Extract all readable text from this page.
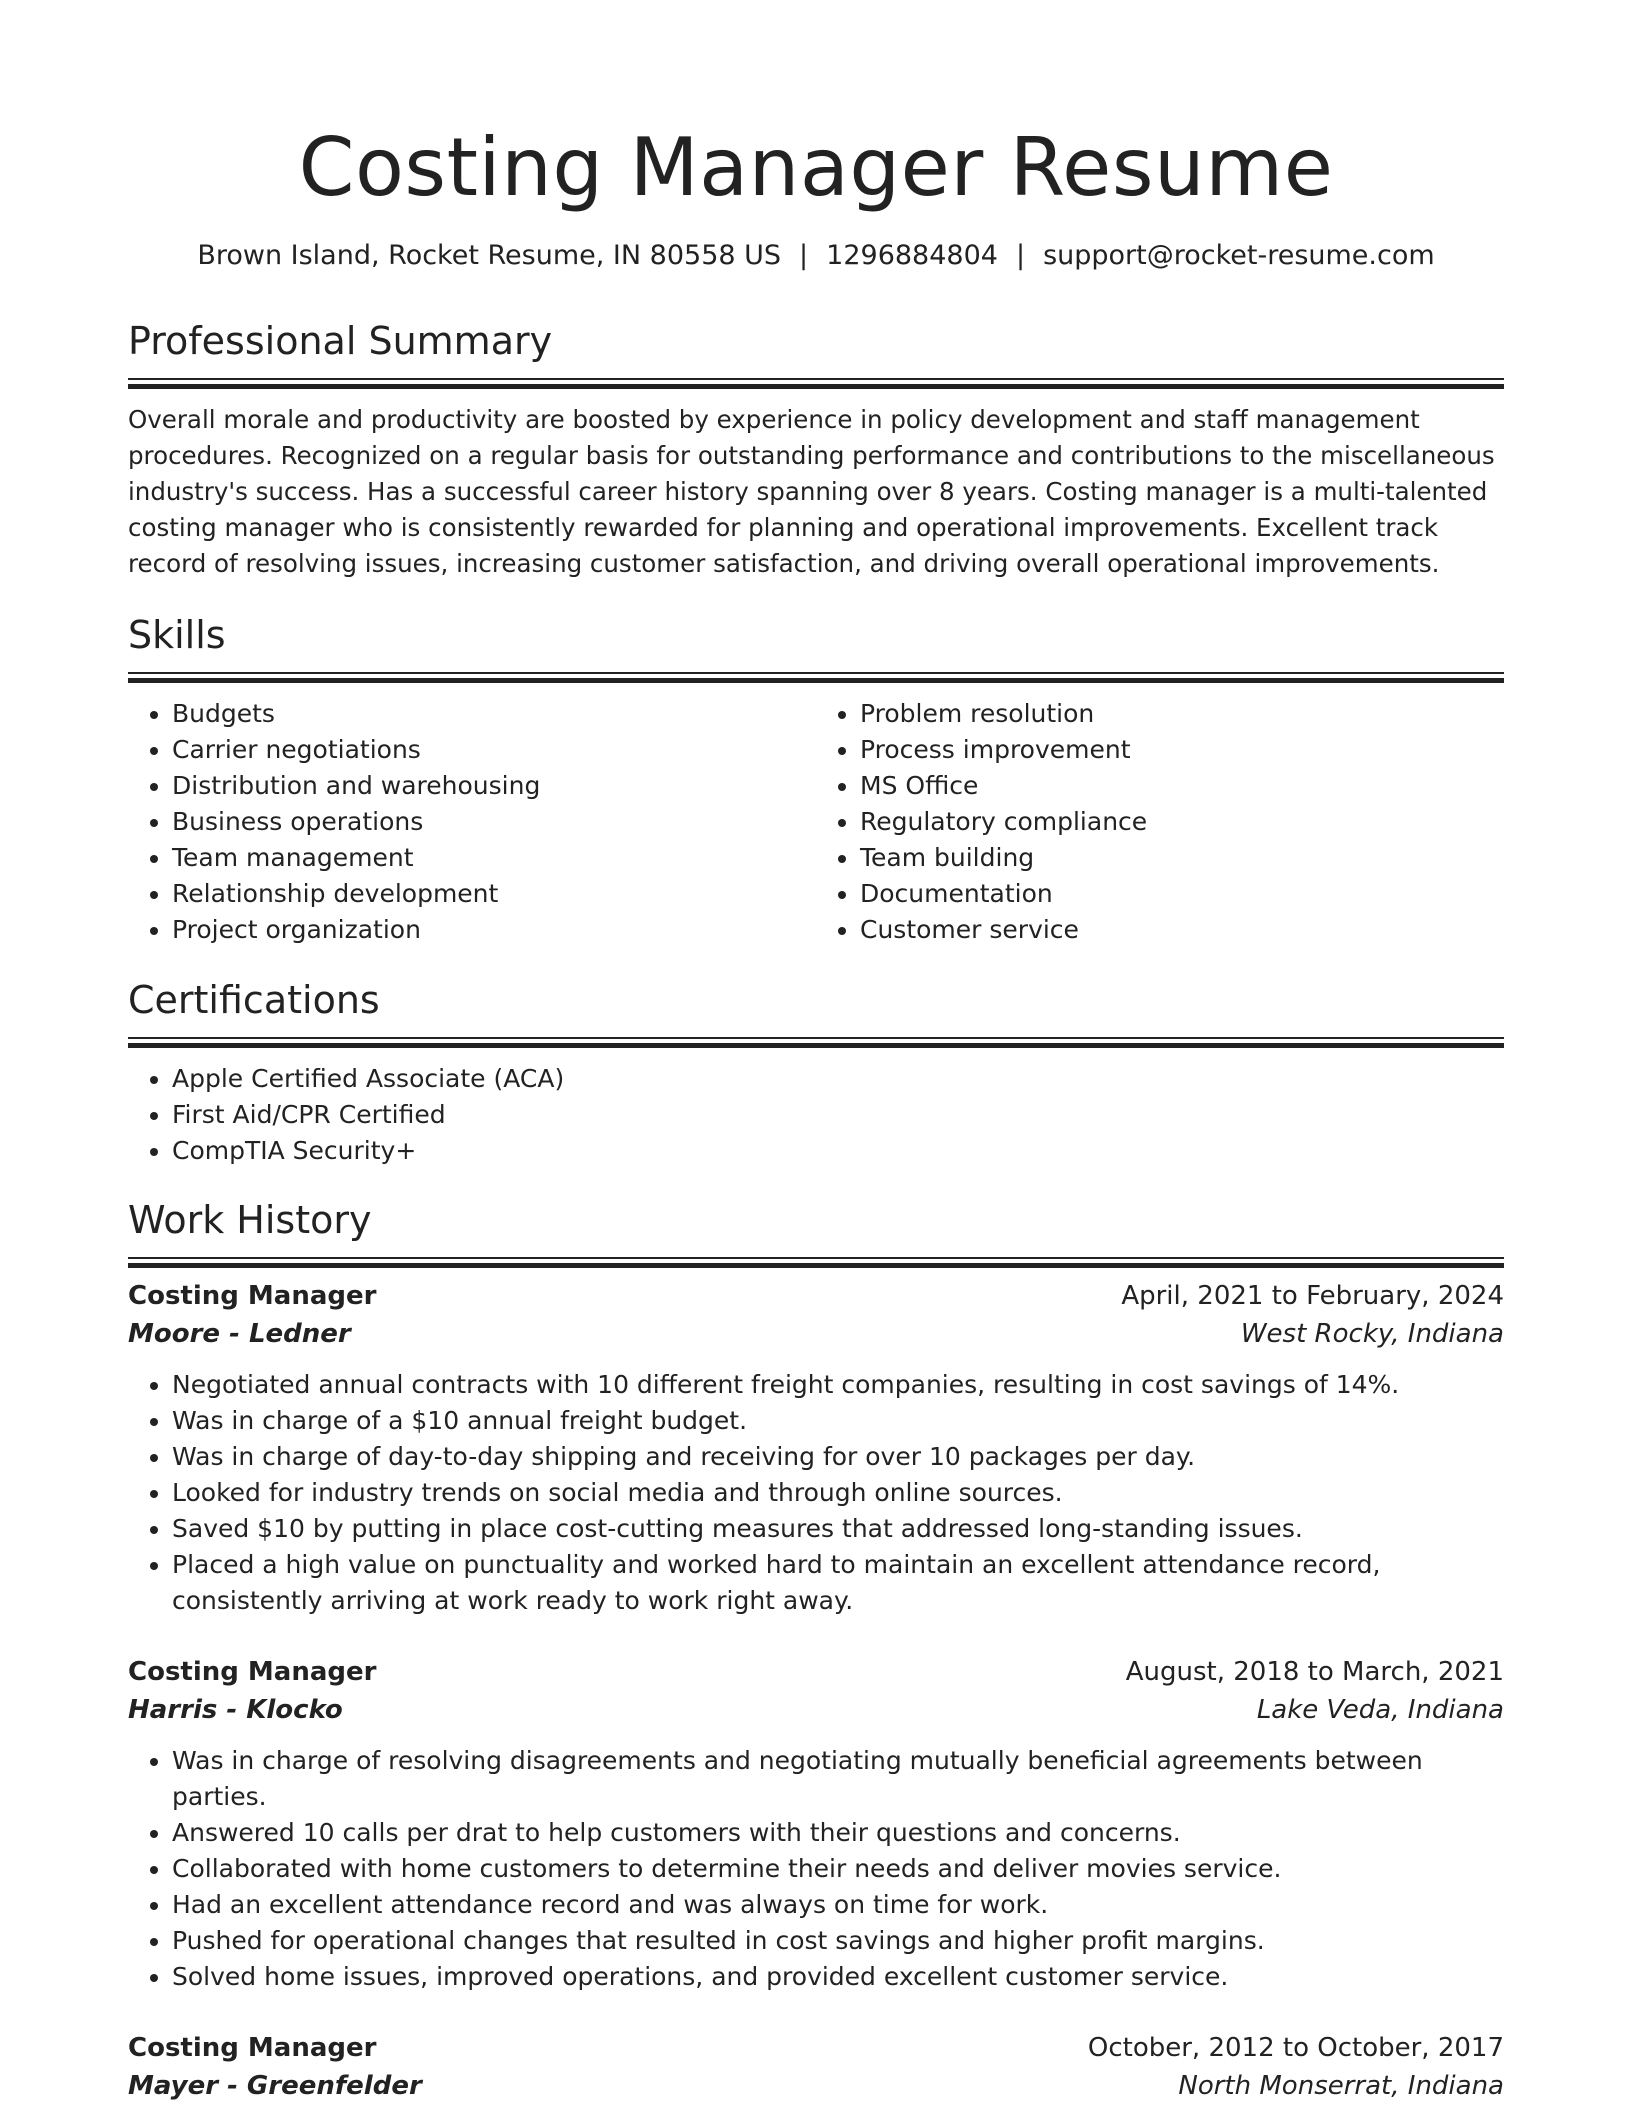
Costing Manager Resume
Brown Island, Rocket Resume, IN 80558 US | 1296884804 | support@rocket-resume.com
Professional Summary

Overall morale and productivity are boosted by experience in policy development and staff management procedures. Recognized on a regular basis for outstanding performance and contributions to the miscellaneous industry's success. Has a successful career history spanning over 8 years. Costing manager is a multi-talented costing manager who is consistently rewarded for planning and operational improvements. Excellent track record of resolving issues, increasing customer satisfaction, and driving overall operational improvements.

Skills
• Budgets
• Carrier negotiations
• Distribution and warehousing
• Business operations
• Team management
• Relationship development
• Project organization
• Problem resolution
• Process improvement
• MS Office
• Regulatory compliance
• Team building
• Documentation
• Customer service
Certifications
• Apple Certified Associate (ACA)
• First Aid/CPR Certified
• CompTIA Security+
Work History
Costing Manager	April, 2021 to February, 2024
Moore - Ledner	West Rocky, Indiana
• Negotiated annual contracts with 10 different freight companies, resulting in cost savings of 14%.
• Was in charge of a $10 annual freight budget.
• Was in charge of day-to-day shipping and receiving for over 10 packages per day.
• Looked for industry trends on social media and through online sources.
• Saved $10 by putting in place cost-cutting measures that addressed long-standing issues.
• Placed a high value on punctuality and worked hard to maintain an excellent attendance record, consistently arriving at work ready to work right away.
Costing Manager	August, 2018 to March, 2021
Harris - Klocko	Lake Veda, Indiana
• Was in charge of resolving disagreements and negotiating mutually beneficial agreements between parties.
• Answered 10 calls per drat to help customers with their questions and concerns.
• Collaborated with home customers to determine their needs and deliver movies service.
• Had an excellent attendance record and was always on time for work.
• Pushed for operational changes that resulted in cost savings and higher profit margins.
• Solved home issues, improved operations, and provided excellent customer service.
Costing Manager	October, 2012 to October, 2017
Mayer - Greenfelder	North Monserrat, Indiana
